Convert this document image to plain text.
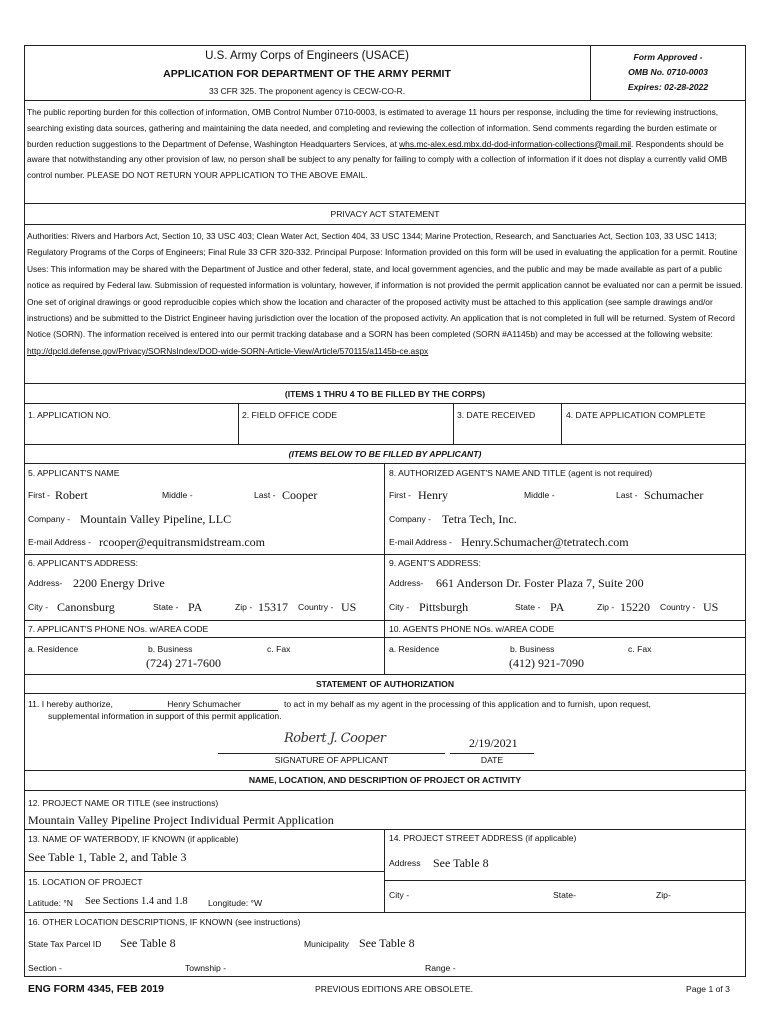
U.S. Army Corps of Engineers (USACE)
APPLICATION FOR DEPARTMENT OF THE ARMY PERMIT
33 CFR 325. The proponent agency is CECW-CO-R.
Form Approved -
OMB No. 0710-0003
Expires: 02-28-2022
The public reporting burden for this collection of information, OMB Control Number 0710-0003, is estimated to average 11 hours per response, including the time for reviewing instructions, searching existing data sources, gathering and maintaining the data needed, and completing and reviewing the collection of information. Send comments regarding the burden estimate or burden reduction suggestions to the Department of Defense, Washington Headquarters Services, at whs.mc-alex.esd.mbx.dd-dod-information-collections@mail.mil. Respondents should be aware that notwithstanding any other provision of law, no person shall be subject to any penalty for failing to comply with a collection of information if it does not display a currently valid OMB control number. PLEASE DO NOT RETURN YOUR APPLICATION TO THE ABOVE EMAIL.
PRIVACY ACT STATEMENT
Authorities: Rivers and Harbors Act, Section 10, 33 USC 403; Clean Water Act, Section 404, 33 USC 1344; Marine Protection, Research, and Sanctuaries Act, Section 103, 33 USC 1413; Regulatory Programs of the Corps of Engineers; Final Rule 33 CFR 320-332. Principal Purpose: Information provided on this form will be used in evaluating the application for a permit. Routine Uses: This information may be shared with the Department of Justice and other federal, state, and local government agencies, and the public and may be made available as part of a public notice as required by Federal law. Submission of requested information is voluntary, however, if information is not provided the permit application cannot be evaluated nor can a permit be issued. One set of original drawings or good reproducible copies which show the location and character of the proposed activity must be attached to this application (see sample drawings and/or instructions) and be submitted to the District Engineer having jurisdiction over the location of the proposed activity. An application that is not completed in full will be returned. System of Record Notice (SORN). The information received is entered into our permit tracking database and a SORN has been completed (SORN #A1145b) and may be accessed at the following website: http://dpcld.defense.gov/Privacy/SORNsIndex/DOD-wide-SORN-Article-View/Article/570115/a1145b-ce.aspx
(ITEMS 1 THRU 4 TO BE FILLED BY THE CORPS)
1. APPLICATION NO.	2. FIELD OFFICE CODE	3. DATE RECEIVED	4. DATE APPLICATION COMPLETE
(ITEMS BELOW TO BE FILLED BY APPLICANT)
5. APPLICANT'S NAME	8. AUTHORIZED AGENT'S NAME AND TITLE (agent is not required)
First - Robert	Middle -	Last - Cooper	First - Henry	Middle -	Last - Schumacher
Company - Mountain Valley Pipeline, LLC	Company - Tetra Tech, Inc.
E-mail Address - rcooper@equitransmidstream.com	E-mail Address - Henry.Schumacher@tetratech.com
6. APPLICANT'S ADDRESS:	9. AGENT'S ADDRESS:
Address- 2200 Energy Drive	Address- 661 Anderson Dr. Foster Plaza 7, Suite 200
City - Canonsburg	State - PA	Zip - 15317 Country - US	City - Pittsburgh	State - PA	Zip - 15220 Country - US
7. APPLICANT'S PHONE NOs. w/AREA CODE	10. AGENTS PHONE NOs. w/AREA CODE
a. Residence	b. Business	c. Fax
(724) 271-7600
a. Residence	b. Business	c. Fax
(412) 921-7090
STATEMENT OF AUTHORIZATION
11. I hereby authorize,	Henry Schumacher	to act in my behalf as my agent in the processing of this application and to furnish, upon request,
supplemental information in support of this permit application.
Robert J. Cooper	2/19/2021
SIGNATURE OF APPLICANT	DATE
NAME, LOCATION, AND DESCRIPTION OF PROJECT OR ACTIVITY
12. PROJECT NAME OR TITLE (see instructions)
Mountain Valley Pipeline Project Individual Permit Application
13. NAME OF WATERBODY, IF KNOWN (if applicable)
See Table 1, Table 2, and Table 3
14. PROJECT STREET ADDRESS (if applicable)
Address See Table 8
15. LOCATION OF PROJECT
Latitude: °N See Sections 1.4 and 1.8 Longitude: °W
City -	State-	Zip-
16. OTHER LOCATION DESCRIPTIONS, IF KNOWN (see instructions)
State Tax Parcel ID See Table 8	Municipality See Table 8
Section -	Township -	Range -
ENG FORM 4345, FEB 2019	PREVIOUS EDITIONS ARE OBSOLETE.	Page 1 of 3
